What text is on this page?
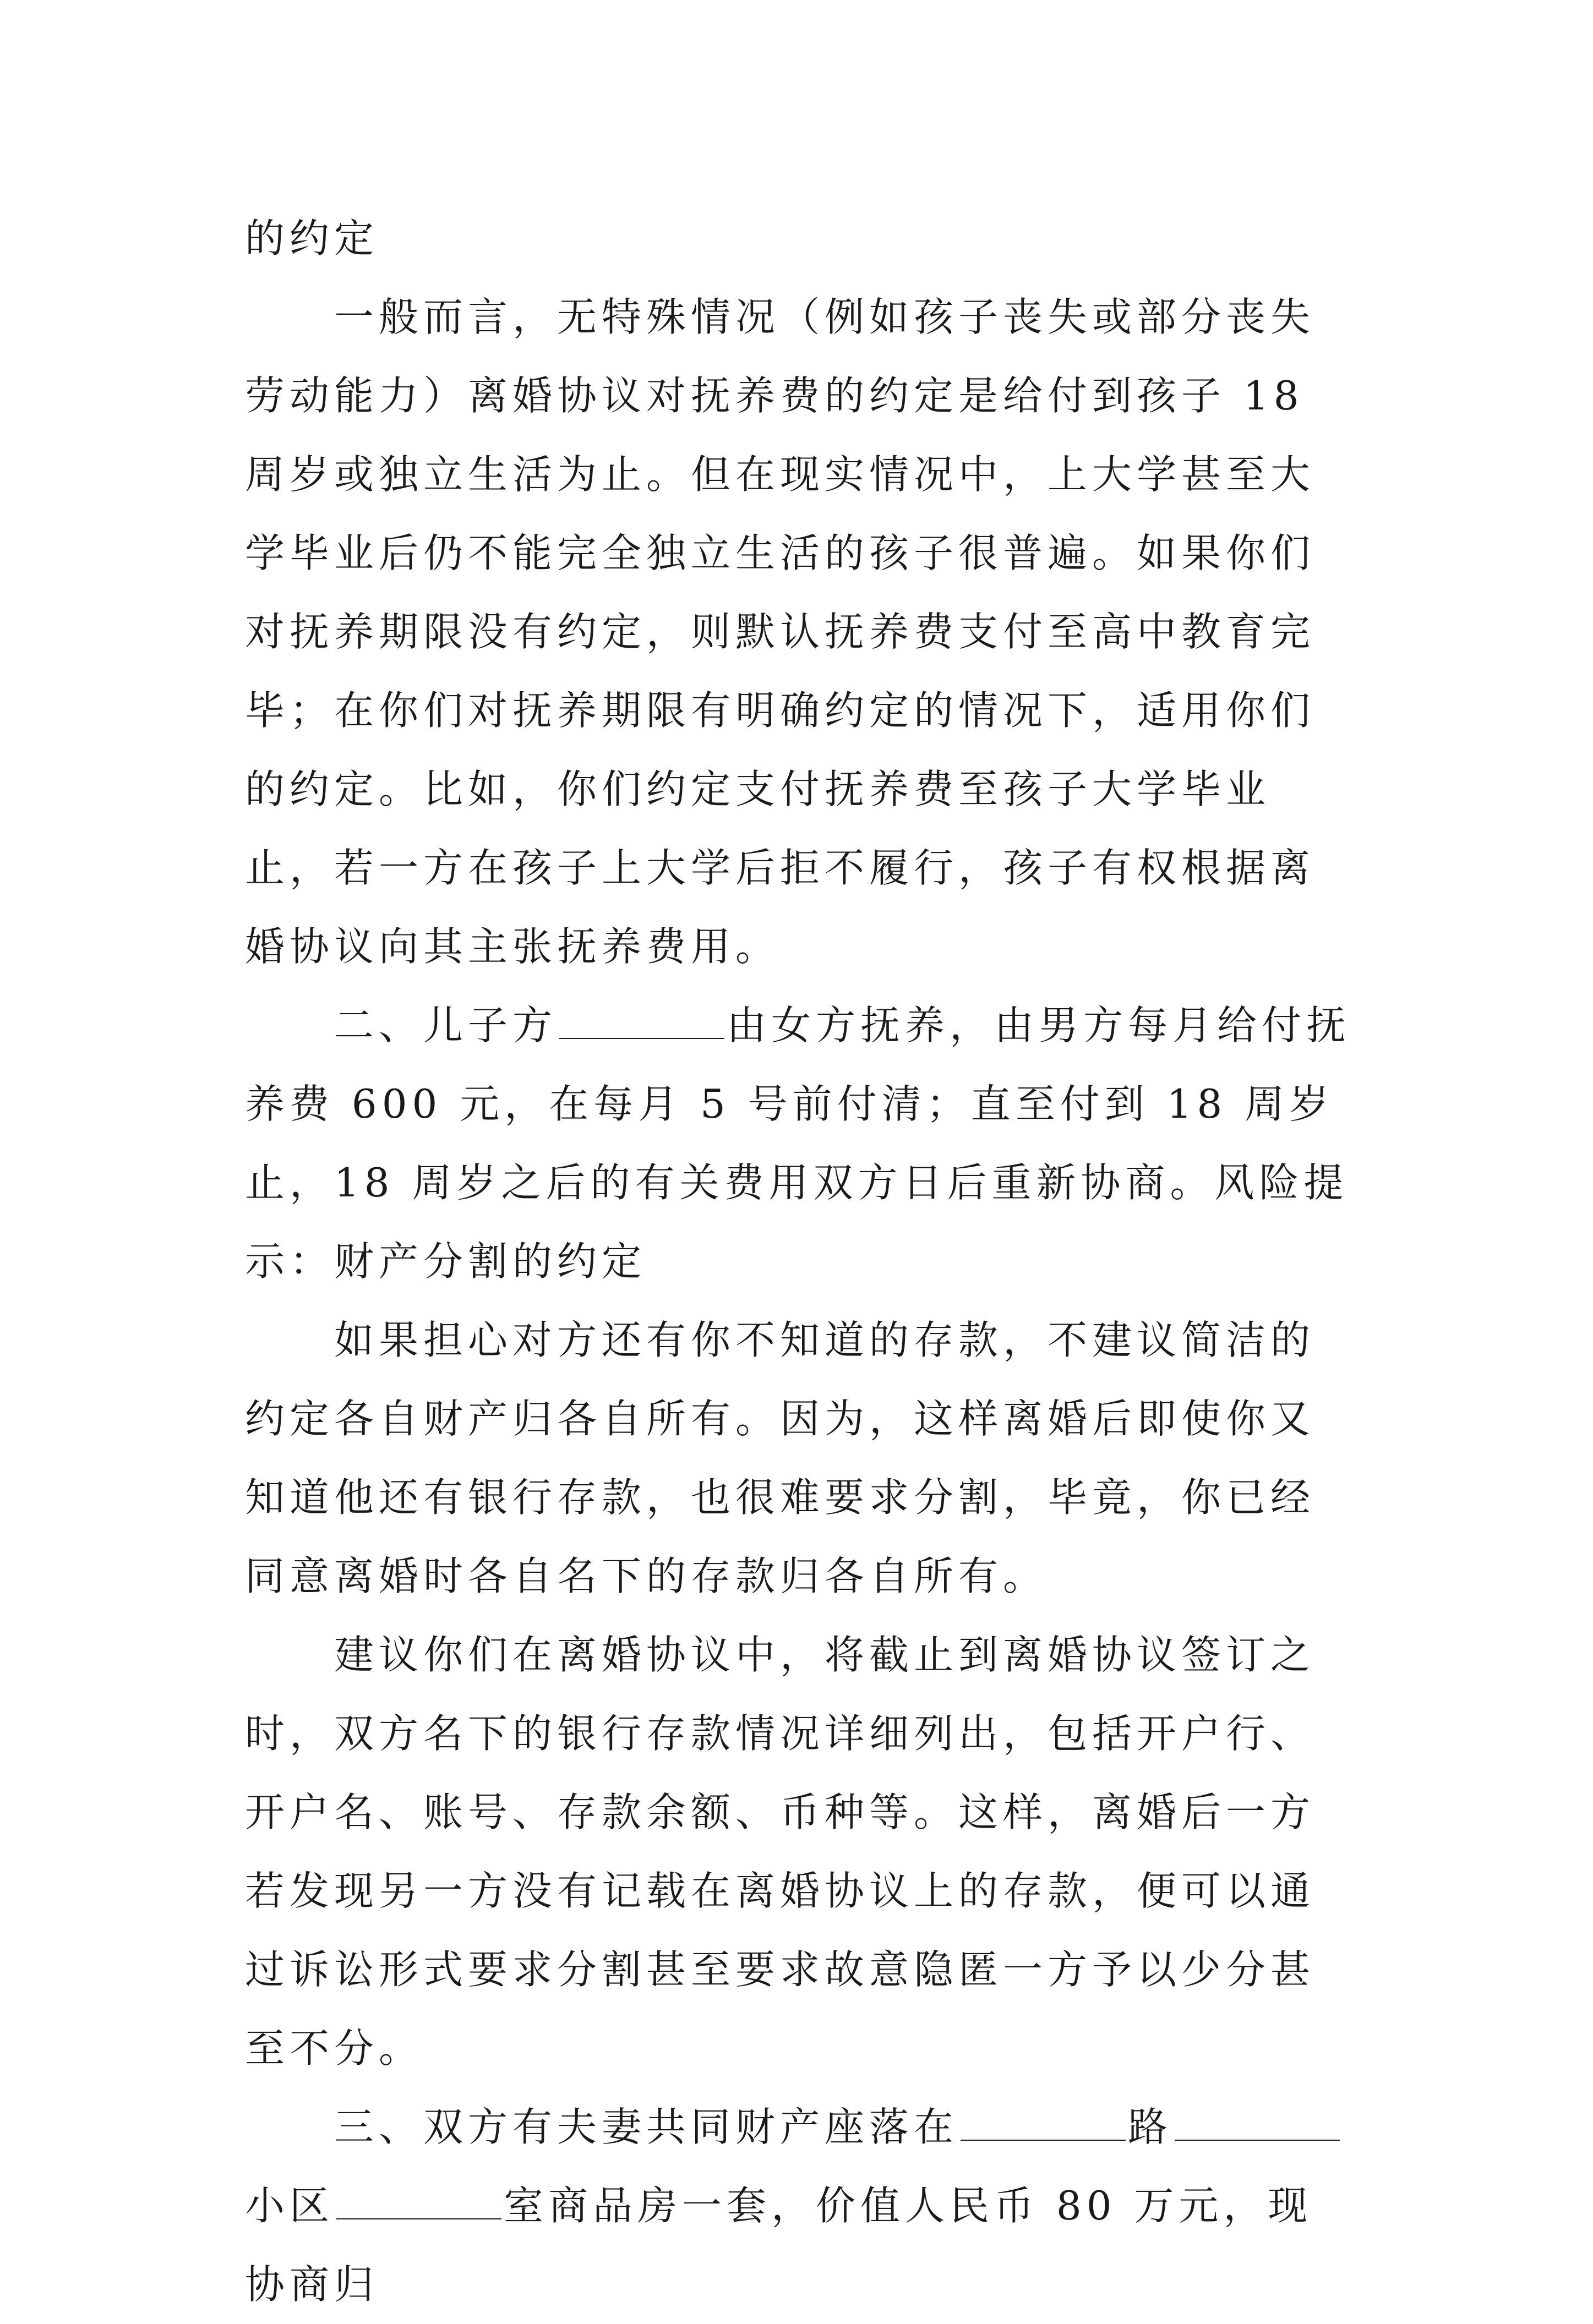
的约定

一般而言，无特殊情况（例如孩子丧失或部分丧失劳动能力）离婚协议对抚养费的约定是给付到孩子 18 周岁或独立生活为止。但在现实情况中，上大学甚至大学毕业后仍不能完全独立生活的孩子很普遍。如果你们对抚养期限没有约定，则默认抚养费支付至高中教育完毕；在你们对抚养期限有明确约定的情况下，适用你们的约定。比如，你们约定支付抚养费至孩子大学毕业止，若一方在孩子上大学后拒不履行，孩子有权根据离婚协议向其主张抚养费用。

二、儿子方	由女方抚养，由男方每月给付抚养费 600 元，在每月 5 号前付清；直至付到 18 周岁止，18 周岁之后的有关费用双方日后重新协商。风险提示：财产分割的约定

如果担心对方还有你不知道的存款，不建议简洁的约定各自财产归各自所有。因为，这样离婚后即使你又知道他还有银行存款，也很难要求分割，毕竟，你已经同意离婚时各自名下的存款归各自所有。

建议你们在离婚协议中，将截止到离婚协议签订之时，双方名下的银行存款情况详细列出，包括开户行、开户名、账号、存款余额、币种等。这样，离婚后一方若发现另一方没有记载在离婚协议上的存款，便可以通过诉讼形式要求分割甚至要求故意隐匿一方予以少分甚至不分。

三、双方有夫妻共同财产座落在	路小区	室商品房一套，价值人民币 80 万元，现协商归
